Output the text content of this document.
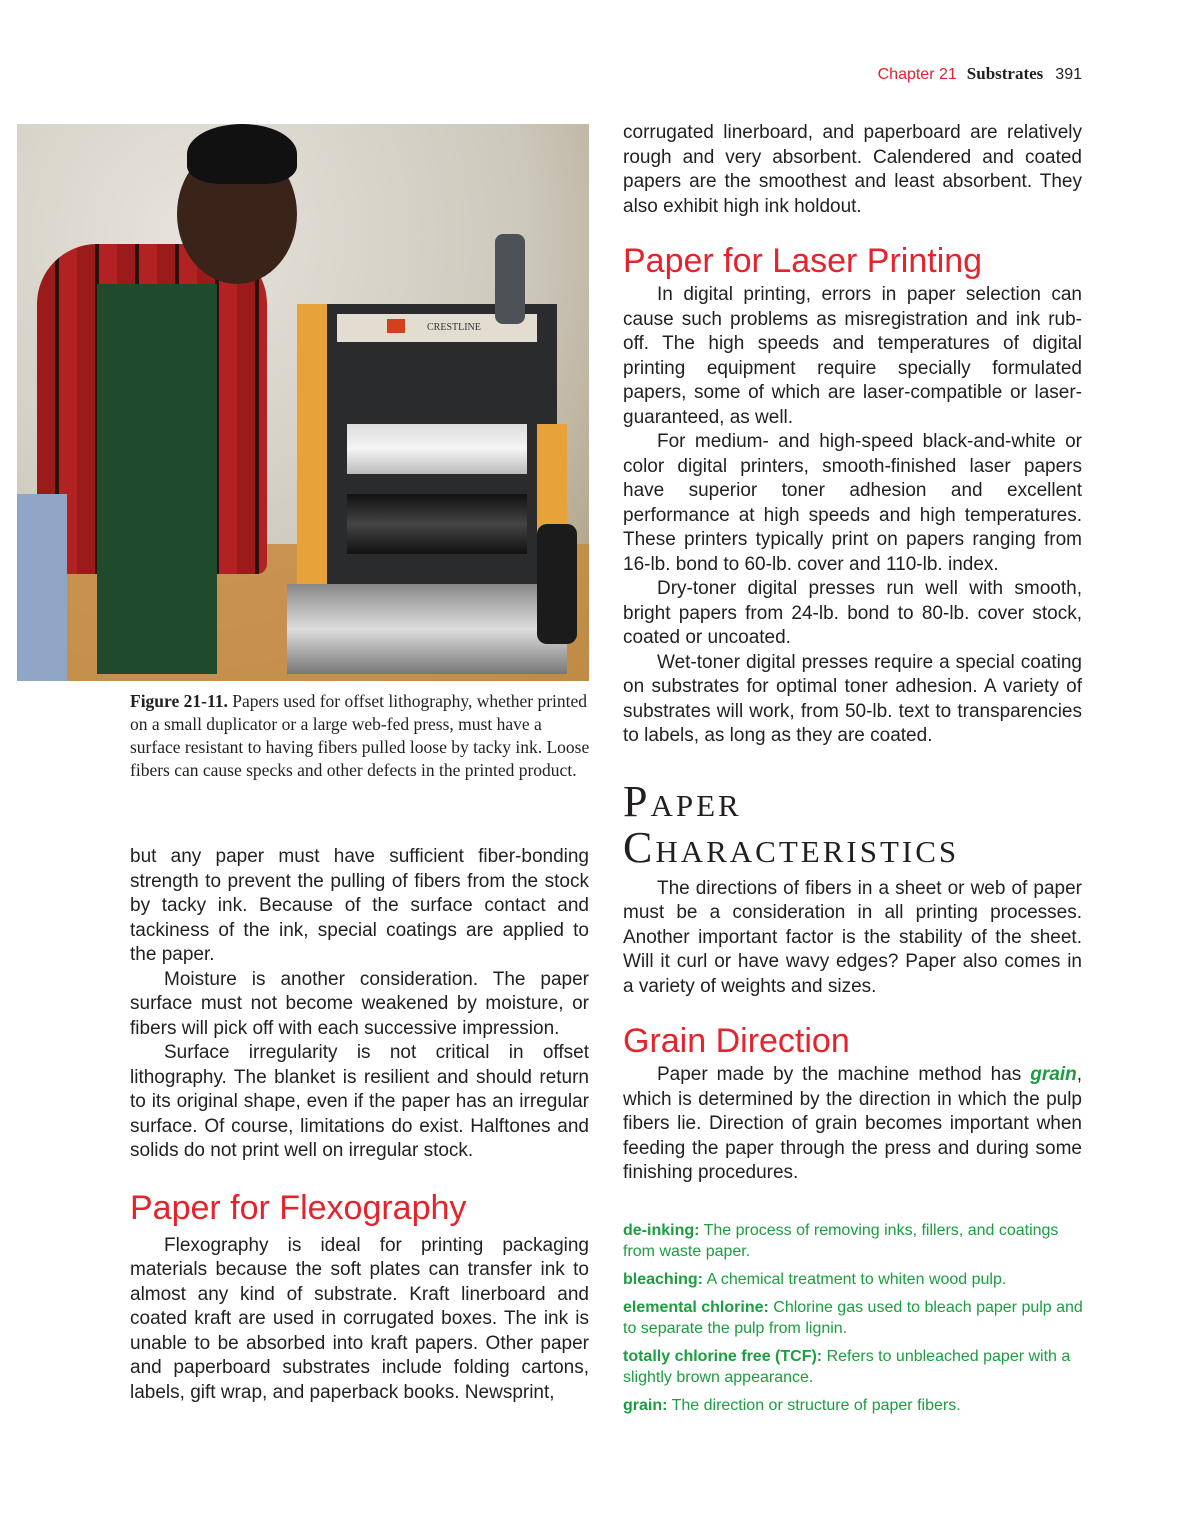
Chapter 21 Substrates 391
CRESTLINE
Figure 21-11. Papers used for offset lithography, whether printed on a small duplicator or a large web-fed press, must have a surface resistant to having fibers pulled loose by tacky ink. Loose fibers can cause specks and other defects in the printed product.

but any paper must have sufficient fiber-bonding strength to prevent the pulling of fibers from the stock by tacky ink. Because of the surface contact and tackiness of the ink, special coatings are applied to the paper.

Moisture is another consideration. The paper surface must not become weakened by moisture, or fibers will pick off with each successive impression.

Surface irregularity is not critical in offset lithography. The blanket is resilient and should return to its original shape, even if the paper has an irregular surface. Of course, limitations do exist. Halftones and solids do not print well on irregular stock.

Paper for Flexography

Flexography is ideal for printing packaging materials because the soft plates can transfer ink to almost any kind of substrate. Kraft linerboard and coated kraft are used in corrugated boxes. The ink is unable to be absorbed into kraft papers. Other paper and paperboard substrates include folding cartons, labels, gift wrap, and paperback books. Newsprint,

corrugated linerboard, and paperboard are relatively rough and very absorbent. Calendered and coated papers are the smoothest and least absorbent. They also exhibit high ink holdout.

Paper for Laser Printing

In digital printing, errors in paper selection can cause such problems as misregistration and ink rub-off. The high speeds and temperatures of digital printing equipment require specially formulated papers, some of which are laser-compatible or laser-guaranteed, as well.

For medium- and high-speed black-and-white or color digital printers, smooth-finished laser papers have superior toner adhesion and excellent performance at high speeds and high temperatures. These printers typically print on papers ranging from 16-lb. bond to 60-lb. cover and 110-lb. index.

Dry-toner digital presses run well with smooth, bright papers from 24-lb. bond to 80-lb. cover stock, coated or uncoated.

Wet-toner digital presses require a special coating on substrates for optimal toner adhesion. A variety of substrates will work, from 50-lb. text to transparencies to labels, as long as they are coated.

Paper
Characteristics

The directions of fibers in a sheet or web of paper must be a consideration in all printing processes. Another important factor is the stability of the sheet. Will it curl or have wavy edges? Paper also comes in a variety of weights and sizes.

Grain Direction

Paper made by the machine method has grain, which is determined by the direction in which the pulp fibers lie. Direction of grain becomes important when feeding the paper through the press and during some finishing procedures.

de-inking: The process of removing inks, fillers, and coatings from waste paper.
bleaching: A chemical treatment to whiten wood pulp.
elemental chlorine: Chlorine gas used to bleach paper pulp and to separate the pulp from lignin.
totally chlorine free (TCF): Refers to unbleached paper with a slightly brown appearance.
grain: The direction or structure of paper fibers.
